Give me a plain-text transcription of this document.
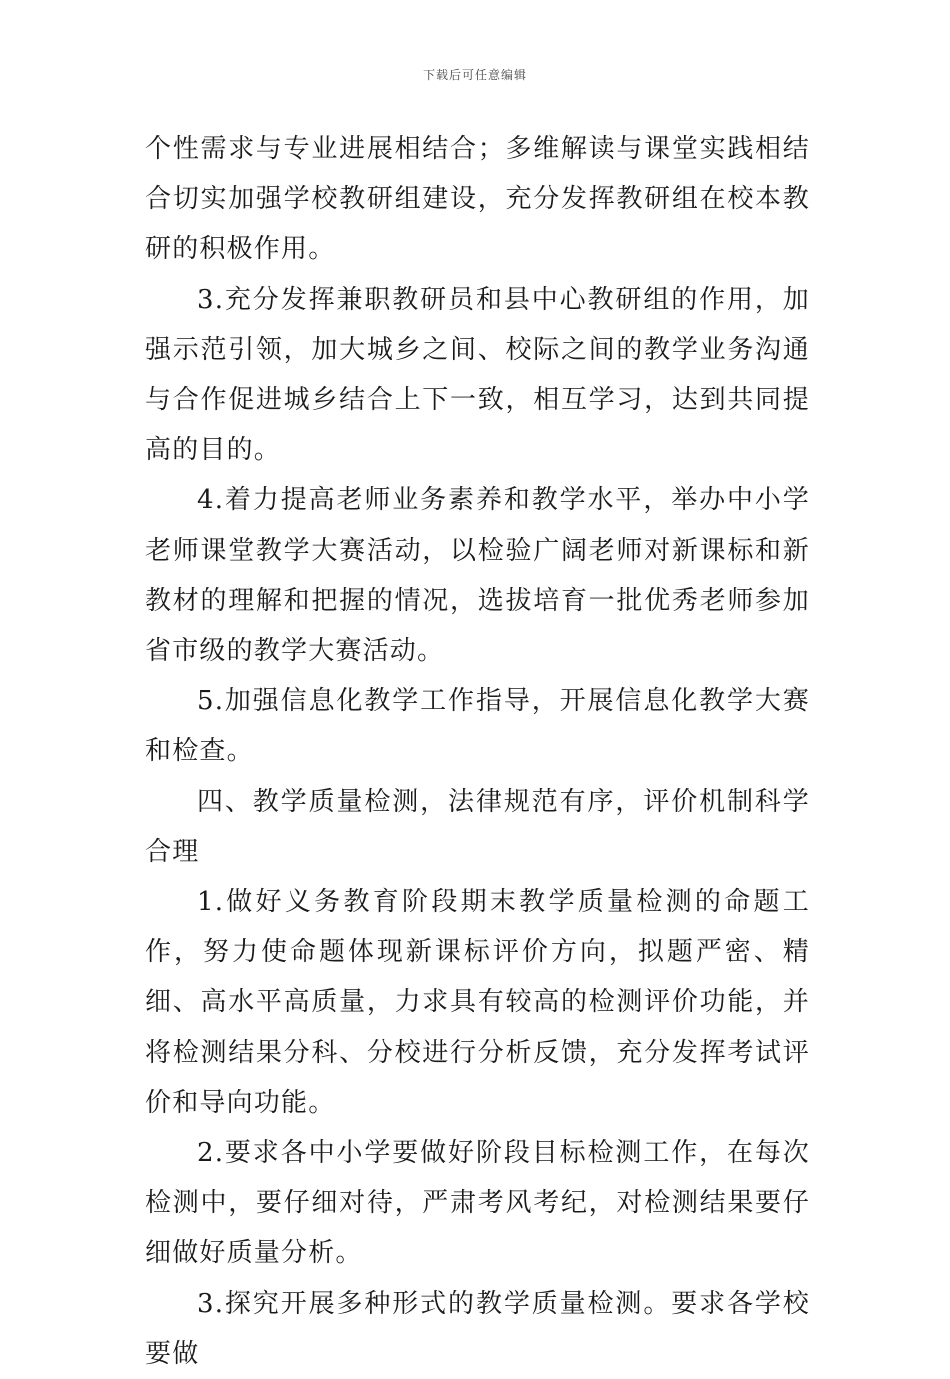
下载后可任意编辑

个性需求与专业进展相结合；多维解读与课堂实践相结合切实加强学校教研组建设，充分发挥教研组在校本教研的积极作用。

3.充分发挥兼职教研员和县中心教研组的作用，加强示范引领，加大城乡之间、校际之间的教学业务沟通与合作促进城乡结合上下一致，相互学习，达到共同提高的目的。

4.着力提高老师业务素养和教学水平，举办中小学老师课堂教学大赛活动，以检验广阔老师对新课标和新教材的理解和把握的情况，选拔培育一批优秀老师参加省市级的教学大赛活动。

5.加强信息化教学工作指导，开展信息化教学大赛和检查。

四、教学质量检测，法律规范有序，评价机制科学合理

1.做好义务教育阶段期末教学质量检测的命题工作，努力使命题体现新课标评价方向，拟题严密、精细、高水平高质量，力求具有较高的检测评价功能，并将检测结果分科、分校进行分析反馈，充分发挥考试评价和导向功能。

2.要求各中小学要做好阶段目标检测工作，在每次检测中，要仔细对待，严肃考风考纪，对检测结果要仔细做好质量分析。

3.探究开展多种形式的教学质量检测。要求各学校要做
